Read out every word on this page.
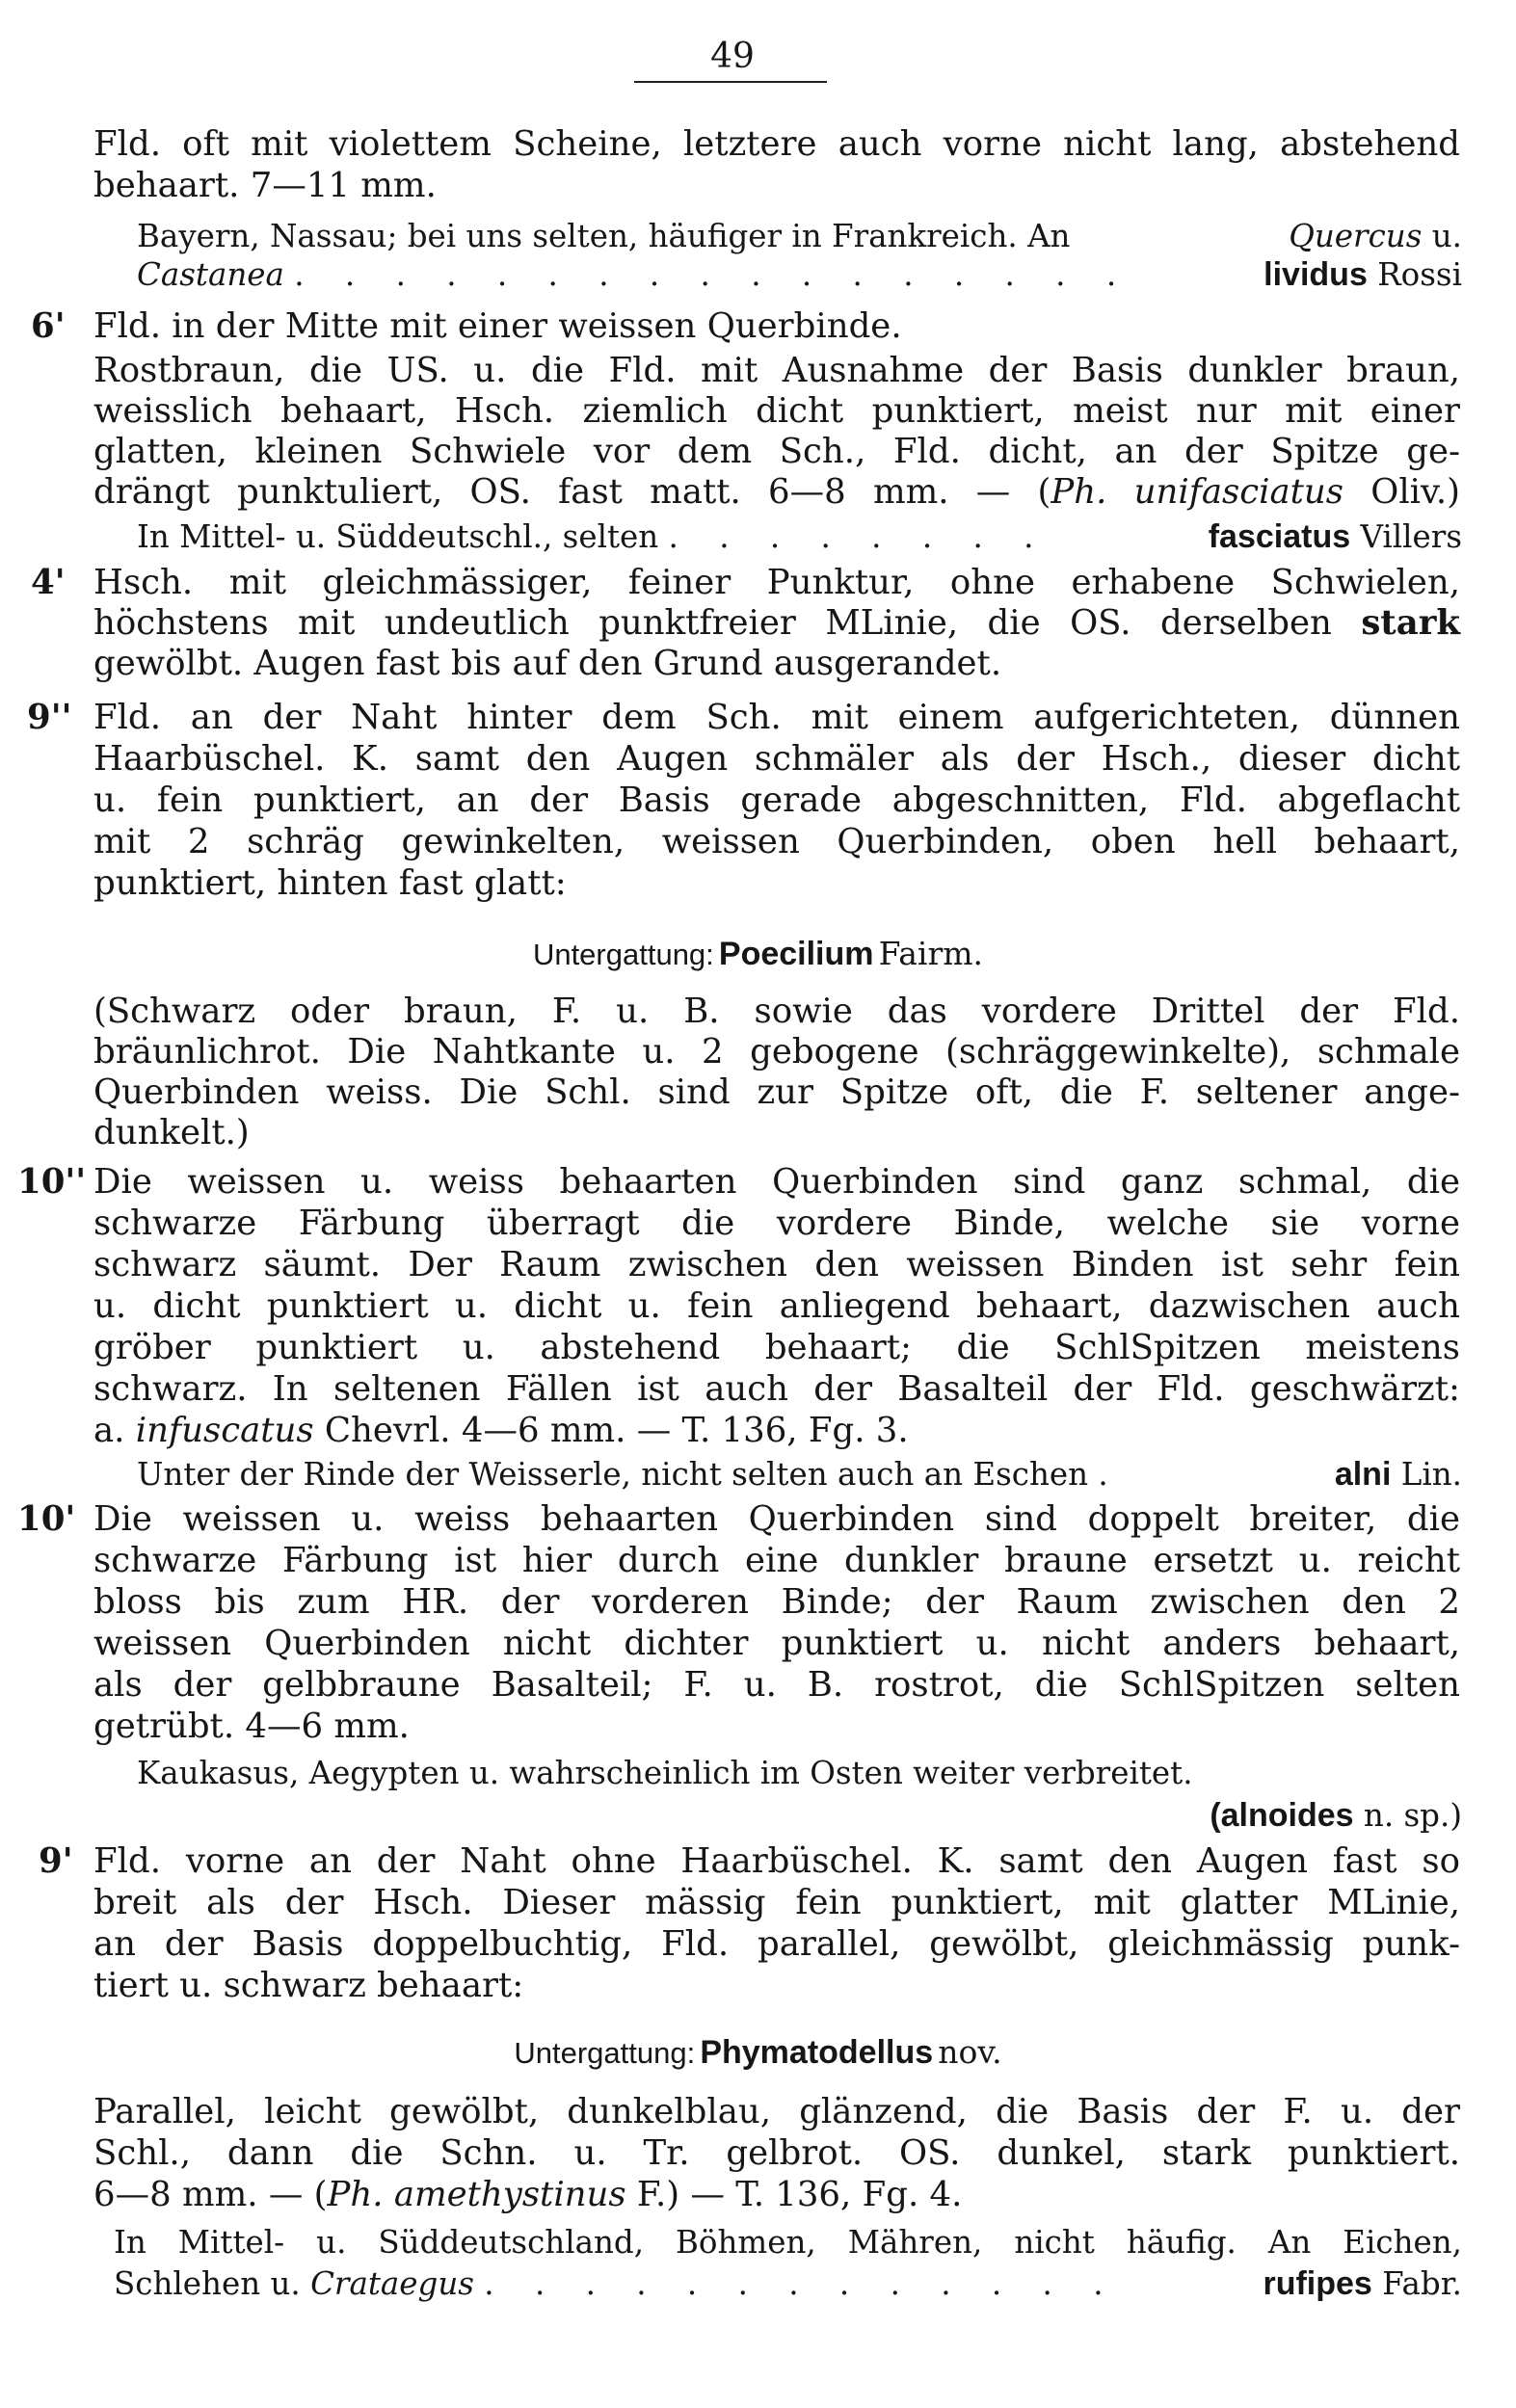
49
Fld. oft mit violettem Scheine, letztere auch vorne nicht lang, abstehend
behaart. 7—11 mm.
Bayern, Nassau; bei uns selten, häufiger in Frankreich. An	Quercus u.
Castanea . . . . . . . . . . . . . . . . .	lividus Rossi
6' Fld. in der Mitte mit einer weissen Querbinde.
Rostbraun, die US. u. die Fld. mit Ausnahme der Basis dunkler braun,
weisslich behaart, Hsch. ziemlich dicht punktiert, meist nur mit einer
glatten, kleinen Schwiele vor dem Sch., Fld. dicht, an der Spitze ge-
drängt punktuliert, OS. fast matt. 6—8 mm. — (Ph. unifasciatus Oliv.)
In Mittel- u. Süddeutschl., selten . . . . . . . .	fasciatus Villers
4' Hsch. mit gleichmässiger, feiner Punktur, ohne erhabene Schwielen,
höchstens mit undeutlich punktfreier MLinie, die OS. derselben stark
gewölbt. Augen fast bis auf den Grund ausgerandet.
9'' Fld. an der Naht hinter dem Sch. mit einem aufgerichteten, dünnen
Haarbüschel. K. samt den Augen schmäler als der Hsch., dieser dicht
u. fein punktiert, an der Basis gerade abgeschnitten, Fld. abgeflacht
mit 2 schräg gewinkelten, weissen Querbinden, oben hell behaart,
punktiert, hinten fast glatt:
Untergattung: Poecilium Fairm.
(Schwarz oder braun, F. u. B. sowie das vordere Drittel der Fld.
bräunlichrot. Die Nahtkante u. 2 gebogene (schräggewinkelte), schmale
Querbinden weiss. Die Schl. sind zur Spitze oft, die F. seltener ange-
dunkelt.)
10'' Die weissen u. weiss behaarten Querbinden sind ganz schmal, die
schwarze Färbung überragt die vordere Binde, welche sie vorne
schwarz säumt. Der Raum zwischen den weissen Binden ist sehr fein
u. dicht punktiert u. dicht u. fein anliegend behaart, dazwischen auch
gröber punktiert u. abstehend behaart; die SchlSpitzen meistens
schwarz. In seltenen Fällen ist auch der Basalteil der Fld. geschwärzt:
a. infuscatus Chevrl. 4—6 mm. — T. 136, Fg. 3.
Unter der Rinde der Weisserle, nicht selten auch an Eschen .	alni Lin.
10' Die weissen u. weiss behaarten Querbinden sind doppelt breiter, die
schwarze Färbung ist hier durch eine dunkler braune ersetzt u. reicht
bloss bis zum HR. der vorderen Binde; der Raum zwischen den 2
weissen Querbinden nicht dichter punktiert u. nicht anders behaart,
als der gelbbraune Basalteil; F. u. B. rostrot, die SchlSpitzen selten
getrübt. 4—6 mm.
Kaukasus, Aegypten u. wahrscheinlich im Osten weiter verbreitet.
(alnoides n. sp.)
9' Fld. vorne an der Naht ohne Haarbüschel. K. samt den Augen fast so
breit als der Hsch. Dieser mässig fein punktiert, mit glatter MLinie,
an der Basis doppelbuchtig, Fld. parallel, gewölbt, gleichmässig punk-
tiert u. schwarz behaart:
Untergattung: Phymatodellus nov.
Parallel, leicht gewölbt, dunkelblau, glänzend, die Basis der F. u. der
Schl., dann die Schn. u. Tr. gelbrot. OS. dunkel, stark punktiert.
6—8 mm. — (Ph. amethystinus F.) — T. 136, Fg. 4.
In Mittel- u. Süddeutschland, Böhmen, Mähren, nicht häufig. An Eichen,
Schlehen u. Crataegus . . . . . . . . . . . . .	rufipes Fabr.
